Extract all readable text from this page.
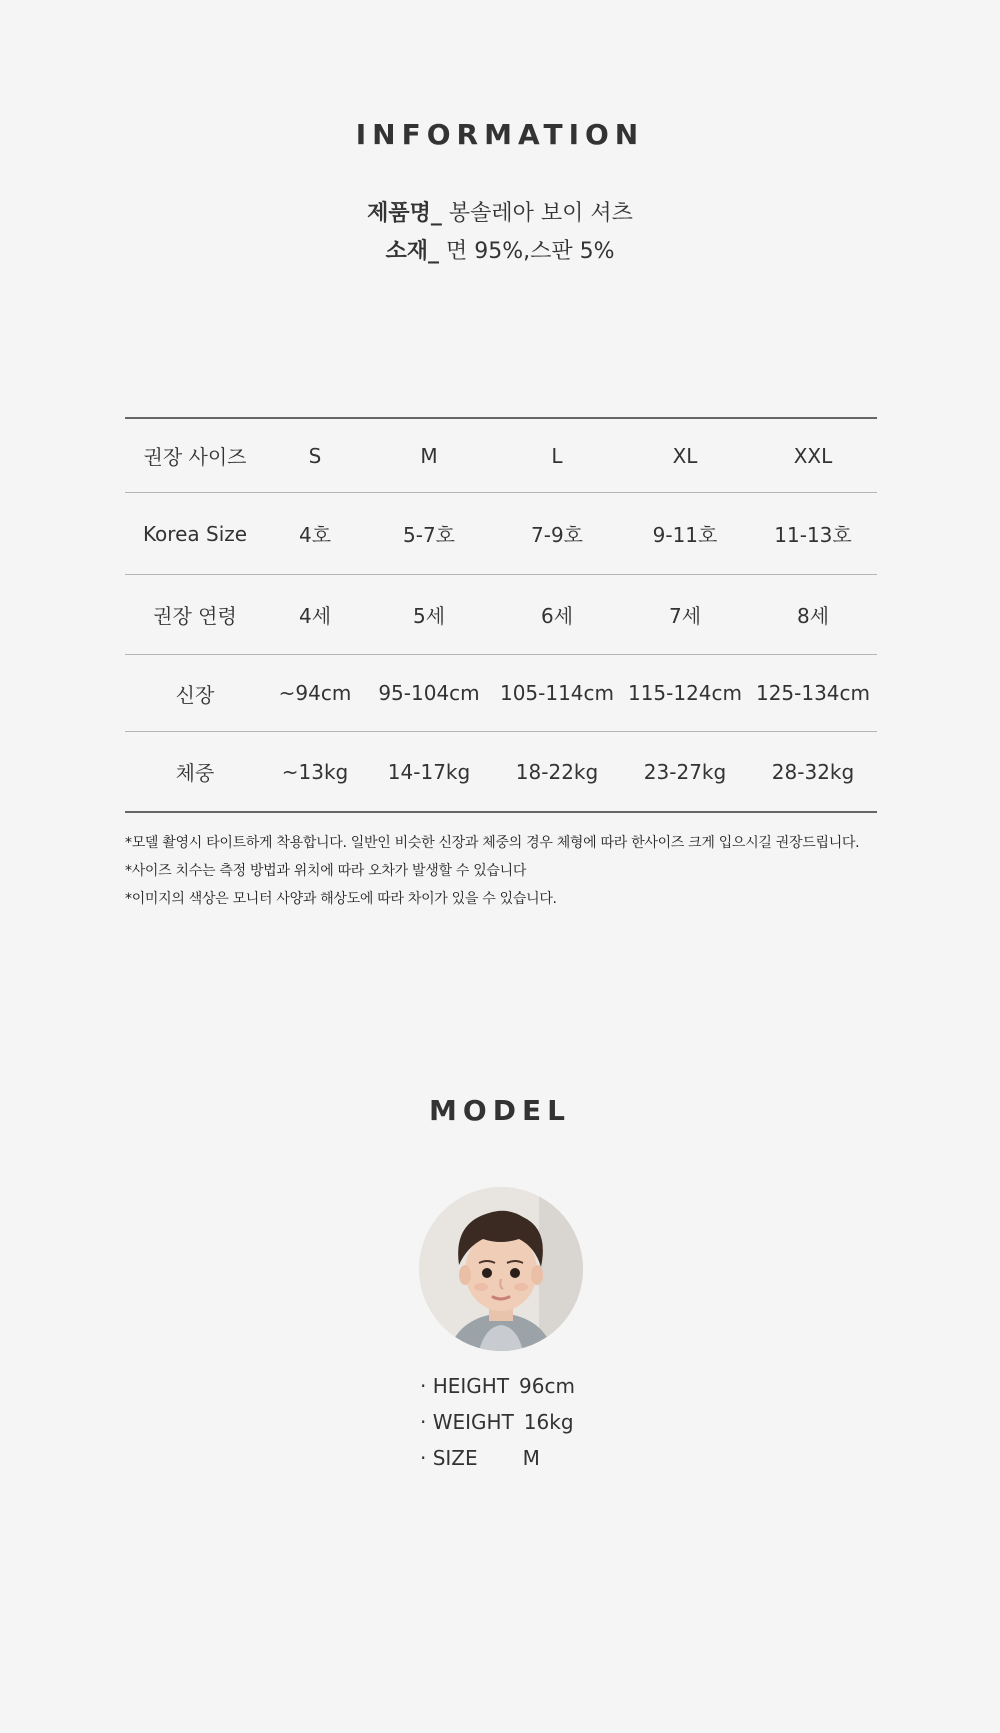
INFORMATION
제품명_ 봉솔레아 보이 셔츠
소재_ 면 95%,스판 5%
권장 사이즈	S	M	L	XL	XXL
Korea Size	4호	5-7호	7-9호	9-11호	11-13호
권장 연령	4세	5세	6세	7세	8세
신장	~94cm	95-104cm	105-114cm 115-124cm 125-134cm
체중	~13kg	14-17kg	18-22kg	23-27kg	28-32kg
*모델 촬영시 타이트하게 착용합니다. 일반인 비슷한 신장과 체중의 경우 체형에 따라 한사이즈 크게 입으시길 권장드립니다.
*사이즈 치수는 측정 방법과 위치에 따라 오차가 발생할 수 있습니다
*이미지의 색상은 모니터 사양과 해상도에 따라 차이가 있을 수 있습니다.
MODEL
· HEIGHT 96cm
· WEIGHT 16kg
· SIZE M
